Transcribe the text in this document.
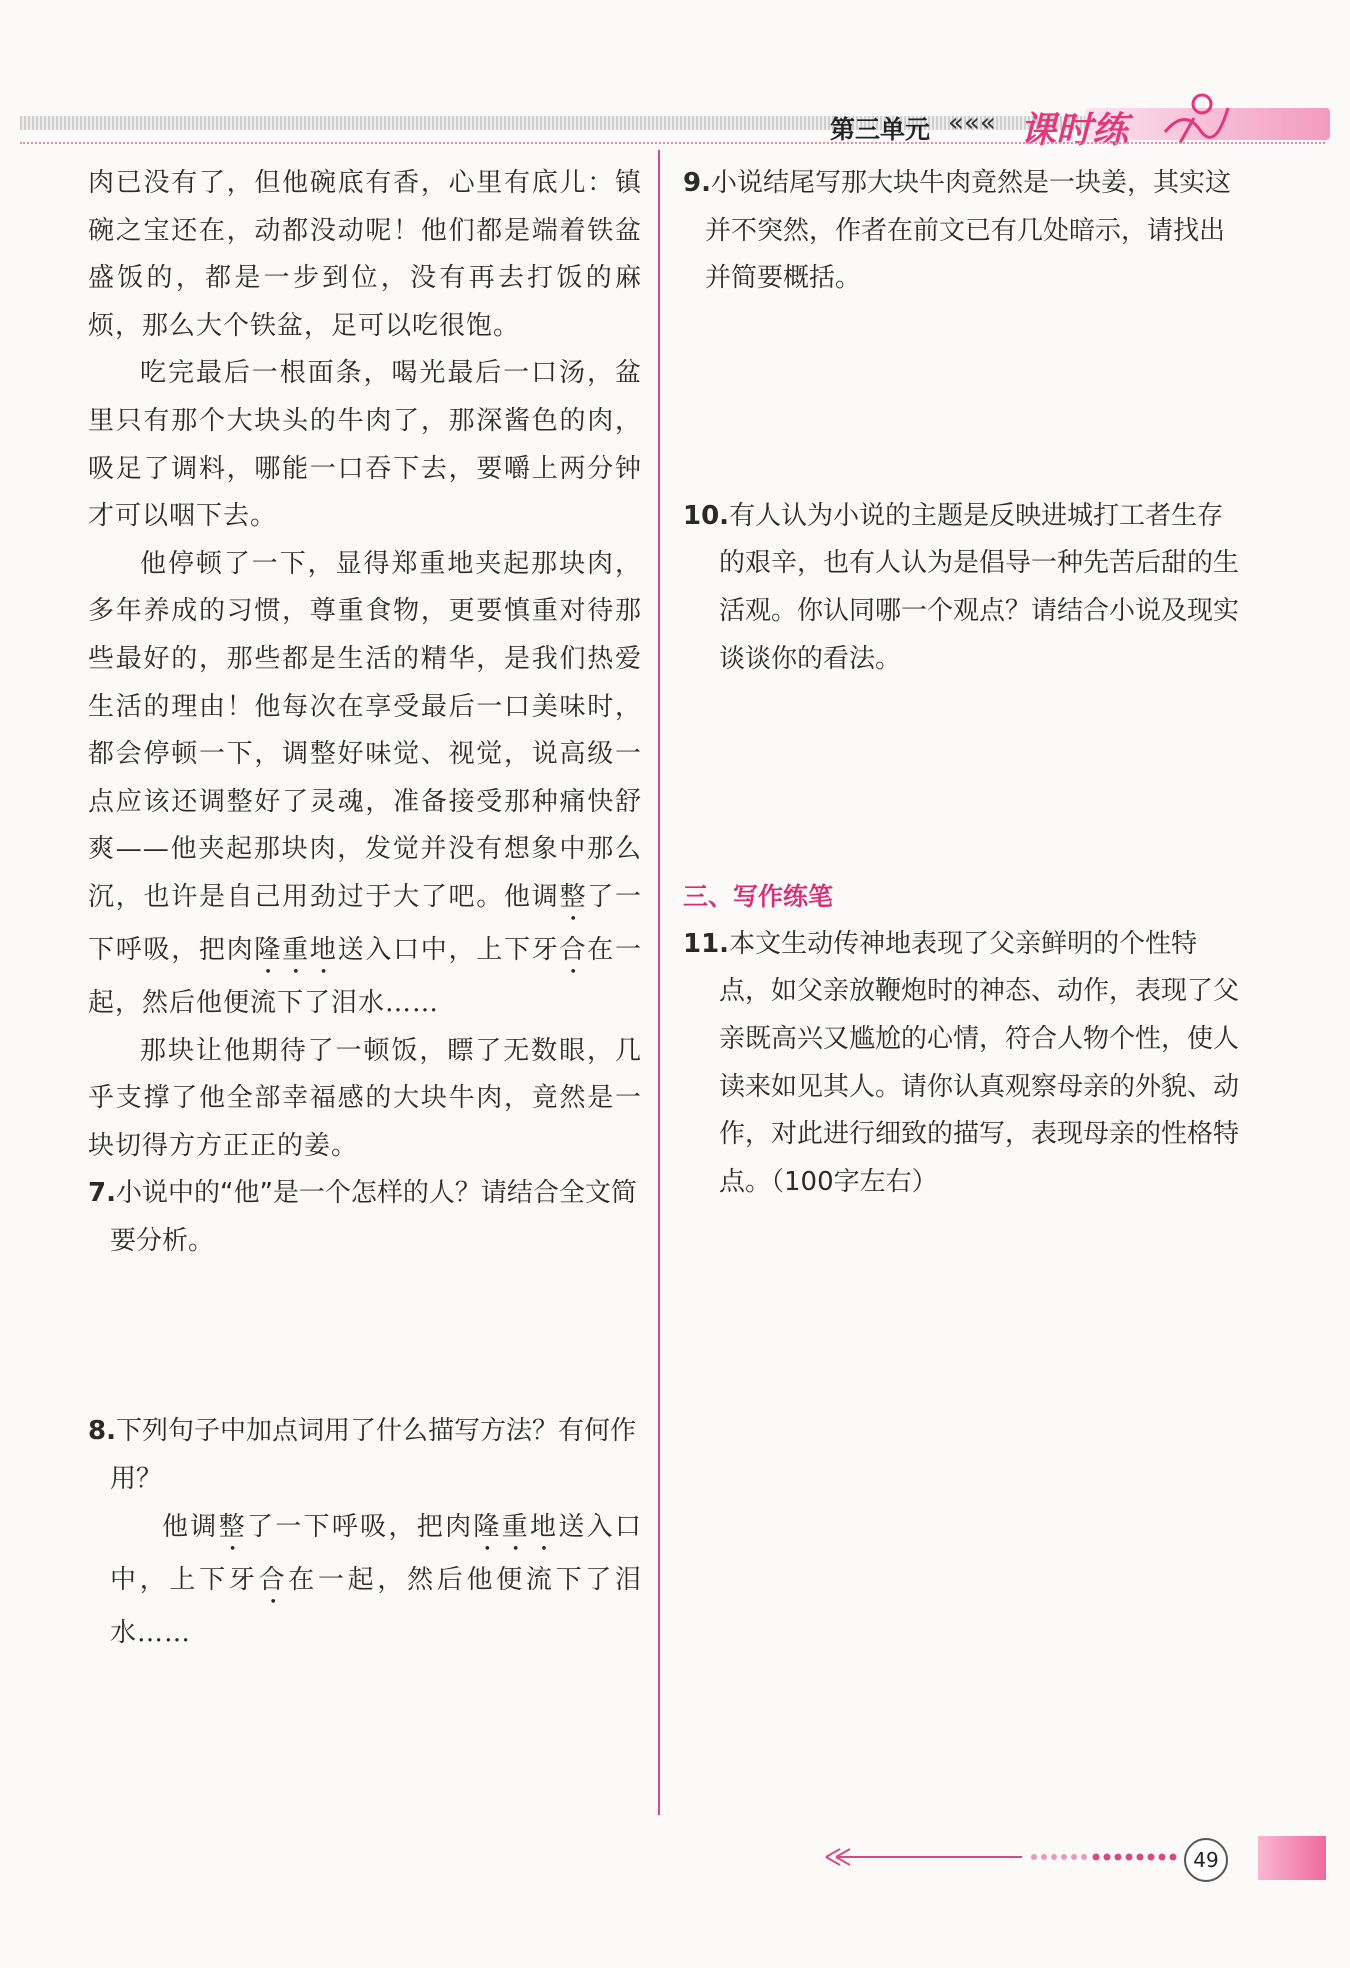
第三单元 ««« 课时练

肉已没有了，但他碗底有香，心里有底儿：镇碗之宝还在，动都没动呢！他们都是端着铁盆盛饭的，都是一步到位，没有再去打饭的麻烦，那么大个铁盆，足可以吃很饱。

吃完最后一根面条，喝光最后一口汤，盆里只有那个大块头的牛肉了，那深酱色的肉，吸足了调料，哪能一口吞下去，要嚼上两分钟才可以咽下去。

他停顿了一下，显得郑重地夹起那块肉，多年养成的习惯，尊重食物，更要慎重对待那些最好的，那些都是生活的精华，是我们热爱生活的理由！他每次在享受最后一口美味时，都会停顿一下，调整好味觉、视觉，说高级一点应该还调整好了灵魂，准备接受那种痛快舒爽——他夹起那块肉，发觉并没有想象中那么沉，也许是自己用劲过于大了吧。他调整了一下呼吸，把肉隆重地送入口中，上下牙合在一起，然后他便流下了泪水……

那块让他期待了一顿饭，瞟了无数眼，几乎支撑了他全部幸福感的大块牛肉，竟然是一块切得方方正正的姜。

7.小说中的“他”是一个怎样的人？请结合全文简要分析。

8.下列句子中加点词用了什么描写方法？有何作用？

他调整了一下呼吸，把肉隆重地送入口中，上下牙合在一起，然后他便流下了泪水……

9.小说结尾写那大块牛肉竟然是一块姜，其实这并不突然，作者在前文已有几处暗示，请找出并简要概括。

10.有人认为小说的主题是反映进城打工者生存的艰辛，也有人认为是倡导一种先苦后甜的生活观。你认同哪一个观点？请结合小说及现实谈谈你的看法。

三、写作练笔

11.本文生动传神地表现了父亲鲜明的个性特点，如父亲放鞭炮时的神态、动作，表现了父亲既高兴又尴尬的心情，符合人物个性，使人读来如见其人。请你认真观察母亲的外貌、动作，对此进行细致的描写，表现母亲的性格特点。（100字左右）

49
